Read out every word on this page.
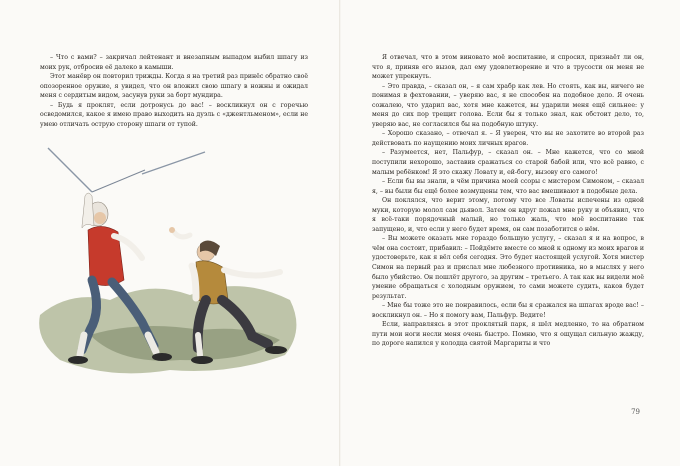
– Что с вами? – закричал лейтенант и внезапным выпадом выбил шпагу из моих рук, отбросив её далеко в камыши.

Этот манёвр он повторил трижды. Когда я на третий раз принёс обратно своё опозоренное оружие, я увидел, что он вложил свою шпагу в ножны и ожидал меня с сердитым видом, засунув руки за борт мундира.

– Будь я проклят, если дотронусь до вас! – воскликнул он с горечью осведомился, какое я имею право выходить на дуэль с «джентльменом», если не умею отличать острую сторону шпаги от тупой.

Я отвечал, что в этом виновато моё воспитание, и спросил, признаёт ли он, что я, приняв его вызов, дал ему удовлетворение и что в трусости он меня не может упрекнуть.

– Это правда, – сказал он, – я сам храбр как лев. Но стоять, как вы, ничего не понимая в фехтовании, – уверяю вас, я не способен на подобное дело. Я очень сожалею, что ударил вас, хотя мне кажется, вы ударили меня ещё сильнее: у меня до сих пор трещит голова. Если бы я только знал, как обстоит дело, то, уверяю вас, не согласился бы на подобную штуку.

– Хорошо сказано, – отвечал я. – Я уверен, что вы не захотите во второй раз действовать по наущению моих личных врагов.

– Разумеется, нет, Пальфур, – сказал он. – Мне кажется, что со мной поступили нехорошо, заставив сражаться со старой бабой или, что всё равно, с малым ребёнком! Я это скажу Ловату и, ей-богу, вызову его самого!

– Если бы вы знали, в чём причина моей ссоры с мистером Симоном, – сказал я, – вы были бы ещё более возмущены тем, что вас вмешивают в подобные дела.

Он поклялся, что верит этому, потому что все Ловаты испечены из одной муки, которую молол сам дьявол. Затем он вдруг пожал мне руку и объявил, что я всё-таки порядочный малый, но только жаль, что моё воспитание так запущено, и, что если у него будет время, он сам позаботится о нём.

– Вы можете оказать мне гораздо большую услугу, – сказал я и на вопрос, в чём она состоит, прибавил: – Пойдёмте вместе со мной к одному из моих врагов и удостоверьте, как я вёл себя сегодня. Это будет настоящей услугой. Хотя мистер Симон на первый раз и прислал мне любезного противника, но в мыслях у него было убийство. Он пошлёт другого, за другим – третьего. А так как вы видели моё умение обращаться с холодным оружием, то сами можете судить, каков будет результат.

– Мне бы тоже это не понравилось, если бы я сражался на шпагах вроде вас! – воскликнул он. – Но я помогу вам, Пальфур. Ведите!

Если, направляясь в этот проклятый парк, я шёл медленно, то на обратном пути мои ноги несли меня очень быстро. Помню, что я ощущал сильную жажду, по дороге напился у колодца святой Маргариты и что

79
